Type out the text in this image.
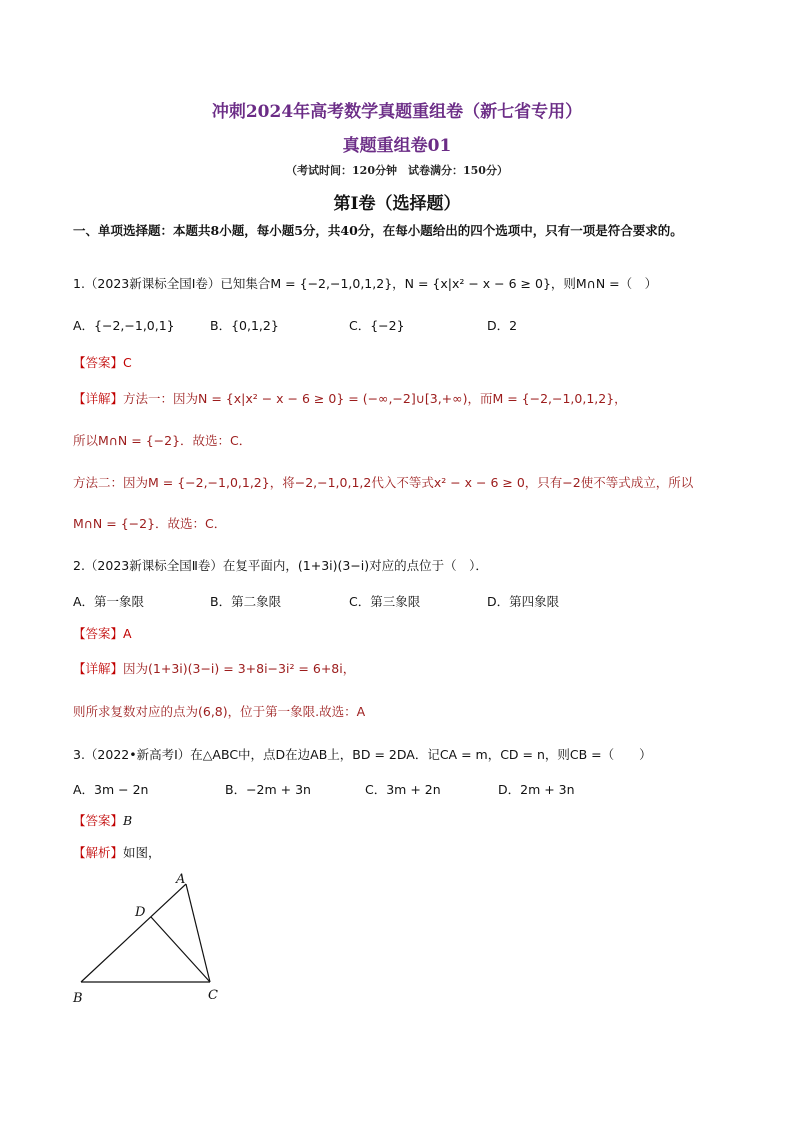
冲刺2024年高考数学真题重组卷（新七省专用）
真题重组卷01
（考试时间：120分钟　试卷满分：150分）
第I卷（选择题）
一、单项选择题：本题共8小题，每小题5分，共40分，在每小题给出的四个选项中，只有一项是符合要求的。
1.（2023新课标全国Ⅰ卷）已知集合M = {−2,−1,0,1,2}，N = {x|x² − x − 6 ≥ 0}，则M∩N =（　）
A．{−2,−1,0,1}	B．{0,1,2}	C．{−2}	D．2
【答案】C
【详解】方法一：因为N = {x|x² − x − 6 ≥ 0} = (−∞,−2]∪[3,+∞)，而M = {−2,−1,0,1,2}，
所以M∩N = {−2}．故选：C．
方法二：因为M = {−2,−1,0,1,2}，将−2,−1,0,1,2代入不等式x² − x − 6 ≥ 0，只有−2使不等式成立，所以
M∩N = {−2}．故选：C．
2.（2023新课标全国Ⅱ卷）在复平面内，(1+3i)(3−i)对应的点位于（　）．
A．第一象限	B．第二象限	C．第三象限	D．第四象限
【答案】A
【详解】因为(1+3i)(3−i) = 3+8i−3i² = 6+8i，
则所求复数对应的点为(6,8)，位于第一象限.故选：A
3.（2022•新高考Ⅰ）在△ABC中，点D在边AB上，BD = 2DA．记CA = m，CD = n，则CB =（　　）
A．3m − 2n	B．−2m + 3n	C．3m + 2n	D．2m + 3n
【答案】B
【解析】如图，
A
D
B	C
